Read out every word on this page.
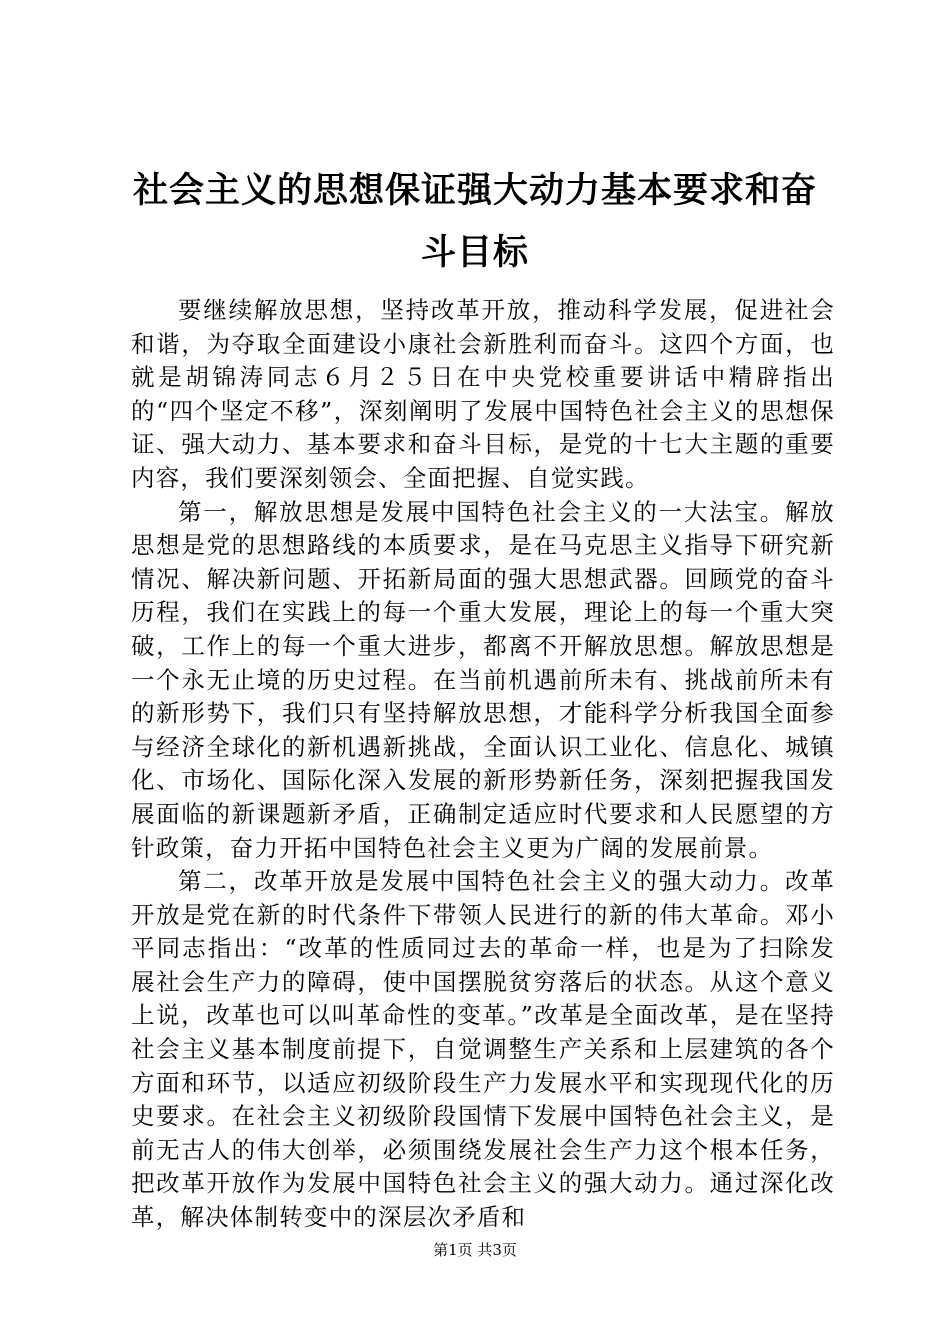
社会主义的思想保证强大动力基本要求和奋斗目标

要继续解放思想，坚持改革开放，推动科学发展，促进社会和谐，为夺取全面建设小康社会新胜利而奋斗。这四个方面，也就是胡锦涛同志６月２５日在中央党校重要讲话中精辟指出的“四个坚定不移”，深刻阐明了发展中国特色社会主义的思想保证、强大动力、基本要求和奋斗目标，是党的十七大主题的重要内容，我们要深刻领会、全面把握、自觉实践。

第一，解放思想是发展中国特色社会主义的一大法宝。解放思想是党的思想路线的本质要求，是在马克思主义指导下研究新情况、解决新问题、开拓新局面的强大思想武器。回顾党的奋斗历程，我们在实践上的每一个重大发展，理论上的每一个重大突破，工作上的每一个重大进步，都离不开解放思想。解放思想是一个永无止境的历史过程。在当前机遇前所未有、挑战前所未有的新形势下，我们只有坚持解放思想，才能科学分析我国全面参与经济全球化的新机遇新挑战，全面认识工业化、信息化、城镇化、市场化、国际化深入发展的新形势新任务，深刻把握我国发展面临的新课题新矛盾，正确制定适应时代要求和人民愿望的方针政策，奋力开拓中国特色社会主义更为广阔的发展前景。

第二，改革开放是发展中国特色社会主义的强大动力。改革开放是党在新的时代条件下带领人民进行的新的伟大革命。邓小平同志指出：“改革的性质同过去的革命一样，也是为了扫除发展社会生产力的障碍，使中国摆脱贫穷落后的状态。从这个意义上说，改革也可以叫革命性的变革。”改革是全面改革，是在坚持社会主义基本制度前提下，自觉调整生产关系和上层建筑的各个方面和环节，以适应初级阶段生产力发展水平和实现现代化的历史要求。在社会主义初级阶段国情下发展中国特色社会主义，是前无古人的伟大创举，必须围绕发展社会生产力这个根本任务，把改革开放作为发展中国特色社会主义的强大动力。通过深化改革，解决体制转变中的深层次矛盾和

第1页 共3页
